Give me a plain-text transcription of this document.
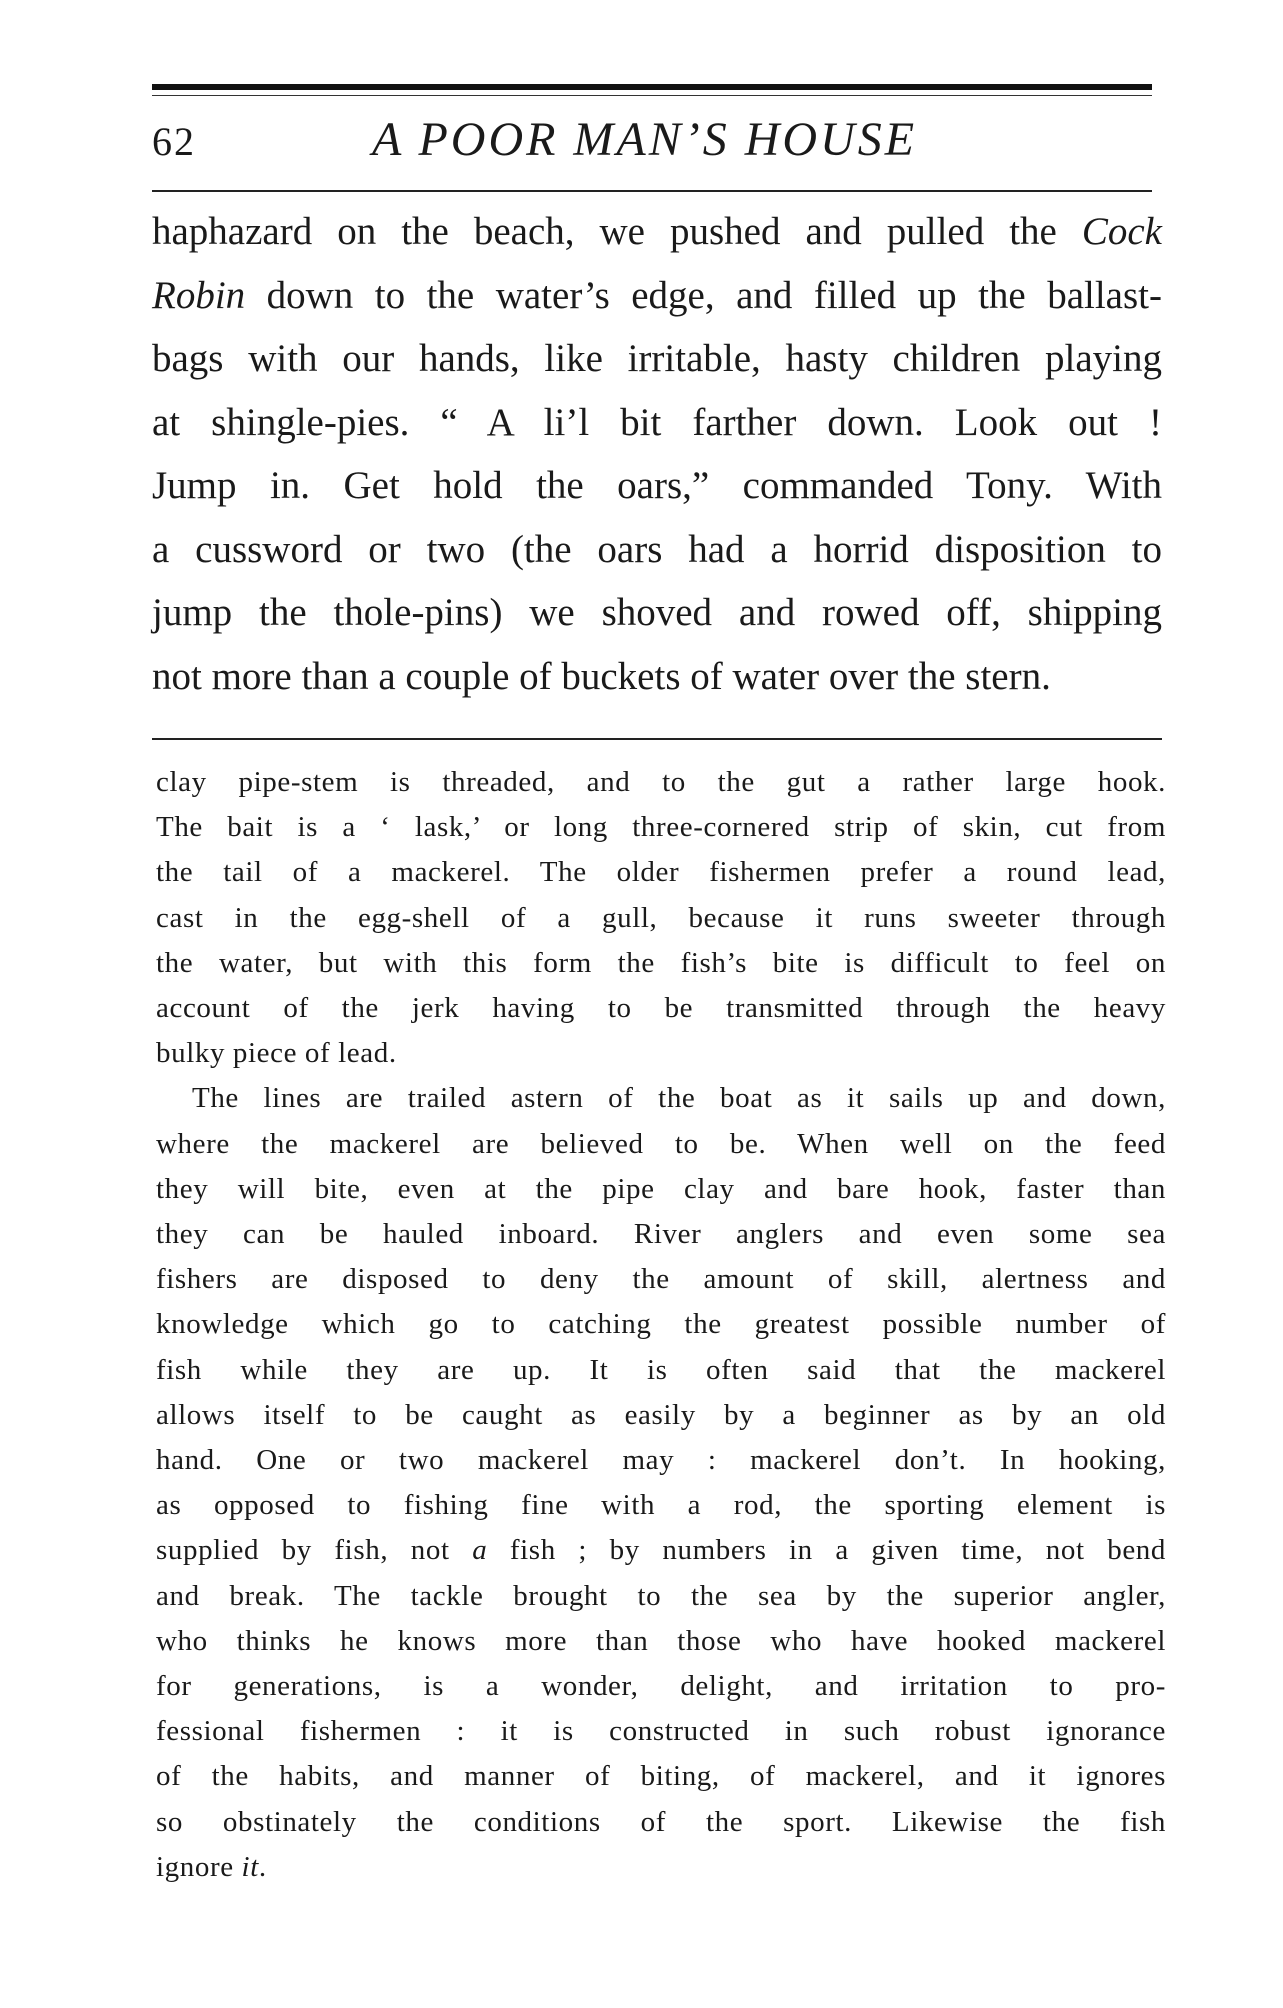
62	A POOR MAN’S HOUSE
haphazard on the beach, we pushed and pulled the Cock
Robin down to the water’s edge, and filled up the ballast-
bags with our hands, like irritable, hasty children playing
at shingle-pies. “ A li’l bit farther down. Look out !
Jump in. Get hold the oars,” commanded Tony. With
a cussword or two (the oars had a horrid disposition to
jump the thole-pins) we shoved and rowed off, shipping
not more than a couple of buckets of water over the stern.
clay pipe-stem is threaded, and to the gut a rather large hook.
The bait is a ‘ lask,’ or long three-cornered strip of skin, cut from
the tail of a mackerel. The older fishermen prefer a round lead,
cast in the egg-shell of a gull, because it runs sweeter through
the water, but with this form the fish’s bite is difficult to feel on
account of the jerk having to be transmitted through the heavy
bulky piece of lead.
The lines are trailed astern of the boat as it sails up and down,
where the mackerel are believed to be. When well on the feed
they will bite, even at the pipe clay and bare hook, faster than
they can be hauled inboard. River anglers and even some sea
fishers are disposed to deny the amount of skill, alertness and
knowledge which go to catching the greatest possible number of
fish while they are up. It is often said that the mackerel
allows itself to be caught as easily by a beginner as by an old
hand. One or two mackerel may : mackerel don’t. In hooking,
as opposed to fishing fine with a rod, the sporting element is
supplied by fish, not a fish ; by numbers in a given time, not bend
and break. The tackle brought to the sea by the superior angler,
who thinks he knows more than those who have hooked mackerel
for generations, is a wonder, delight, and irritation to pro-
fessional fishermen : it is constructed in such robust ignorance
of the habits, and manner of biting, of mackerel, and it ignores
so obstinately the conditions of the sport. Likewise the fish
ignore it.
